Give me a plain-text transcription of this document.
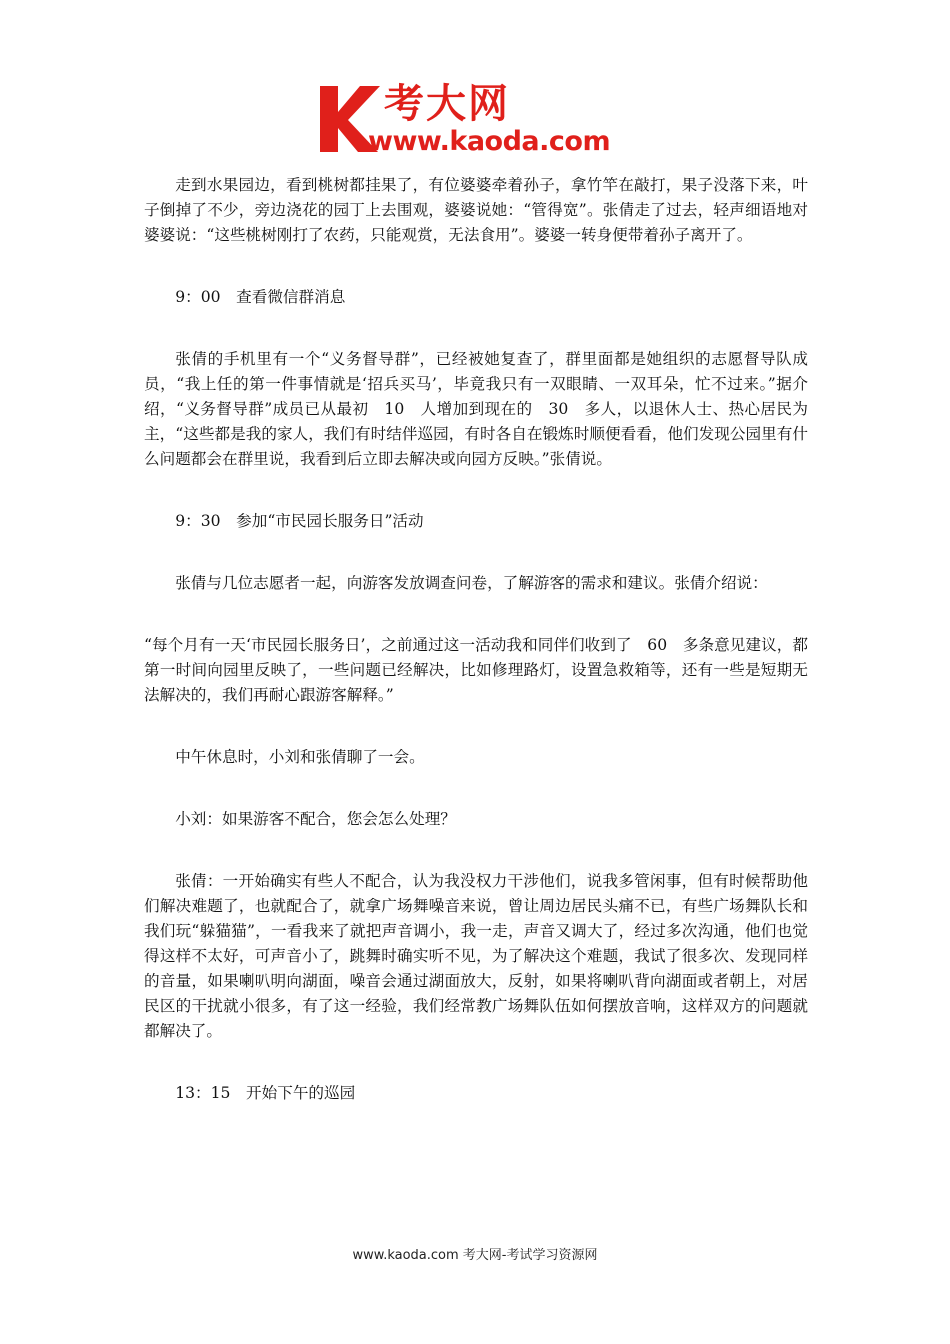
考大网
www.kaoda.com

走到水果园边，看到桃树都挂果了，有位婆婆牵着孙子，拿竹竿在敲打，果子没落下来，叶子倒掉了不少，旁边浇花的园丁上去围观，婆婆说她：“管得宽”。张倩走了过去，轻声细语地对婆婆说：“这些桃树刚打了农药，只能观赏，无法食用”。婆婆一转身便带着孙子离开了。

9：00　查看微信群消息

张倩的手机里有一个“义务督导群”，已经被她复查了，群里面都是她组织的志愿督导队成员，“我上任的第一件事情就是‘招兵买马’，毕竟我只有一双眼睛、一双耳朵，忙不过来。”据介绍，“义务督导群”成员已从最初　10　人增加到现在的　30　多人，以退休人士、热心居民为主，“这些都是我的家人，我们有时结伴巡园，有时各自在锻炼时顺便看看，他们发现公园里有什么问题都会在群里说，我看到后立即去解决或向园方反映。”张倩说。

9：30　参加“市民园长服务日”活动

张倩与几位志愿者一起，向游客发放调查问卷，了解游客的需求和建议。张倩介绍说：

“每个月有一天‘市民园长服务日’，之前通过这一活动我和同伴们收到了　60　多条意见建议，都第一时间向园里反映了，一些问题已经解决，比如修理路灯，设置急救箱等，还有一些是短期无法解决的，我们再耐心跟游客解释。”

中午休息时，小刘和张倩聊了一会。

小刘：如果游客不配合，您会怎么处理？

张倩：一开始确实有些人不配合，认为我没权力干涉他们，说我多管闲事，但有时候帮助他们解决难题了，也就配合了，就拿广场舞噪音来说，曾让周边居民头痛不已，有些广场舞队长和我们玩“躲猫猫”，一看我来了就把声音调小，我一走，声音又调大了，经过多次沟通，他们也觉得这样不太好，可声音小了，跳舞时确实听不见，为了解决这个难题，我试了很多次、发现同样的音量，如果喇叭明向湖面，噪音会通过湖面放大，反射，如果将喇叭背向湖面或者朝上，对居民区的干扰就小很多，有了这一经验，我们经常教广场舞队伍如何摆放音响，这样双方的问题就都解决了。

13：15　开始下午的巡园

www.kaoda.com 考大网-考试学习资源网
